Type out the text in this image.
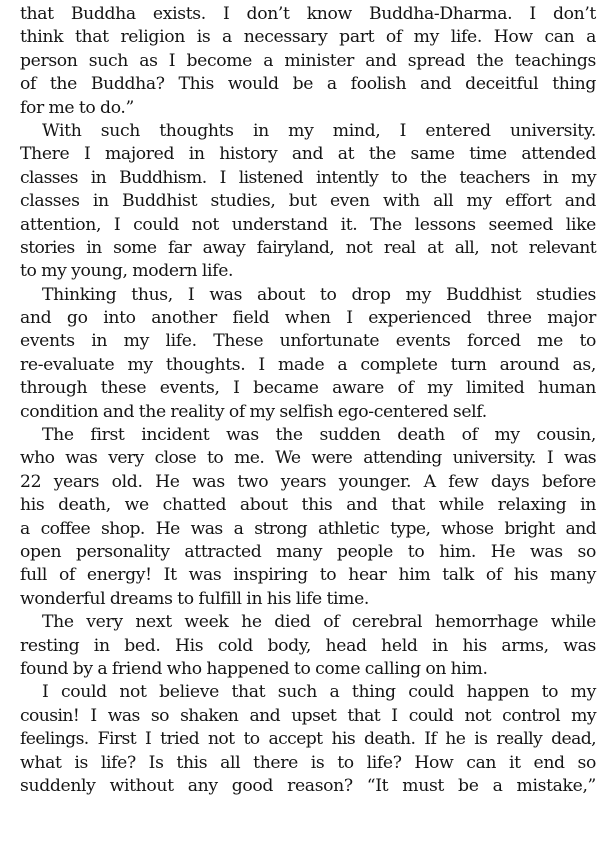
that Buddha exists. I don’t know Buddha-Dharma. I don’t
think that religion is a necessary part of my life. How can a
person such as I become a minister and spread the teachings
of the Buddha? This would be a foolish and deceitful thing
for me to do.”
With such thoughts in my mind, I entered university.
There I majored in history and at the same time attended
classes in Buddhism. I listened intently to the teachers in my
classes in Buddhist studies, but even with all my effort and
attention, I could not understand it. The lessons seemed like
stories in some far away fairyland, not real at all, not relevant
to my young, modern life.
Thinking thus, I was about to drop my Buddhist studies
and go into another field when I experienced three major
events in my life. These unfortunate events forced me to
re-evaluate my thoughts. I made a complete turn around as,
through these events, I became aware of my limited human
condition and the reality of my selfish ego-centered self.
The first incident was the sudden death of my cousin,
who was very close to me. We were attending university. I was
22 years old. He was two years younger. A few days before
his death, we chatted about this and that while relaxing in
a coffee shop. He was a strong athletic type, whose bright and
open personality attracted many people to him. He was so
full of energy! It was inspiring to hear him talk of his many
wonderful dreams to fulfill in his life time.
The very next week he died of cerebral hemorrhage while
resting in bed. His cold body, head held in his arms, was
found by a friend who happened to come calling on him.
I could not believe that such a thing could happen to my
cousin! I was so shaken and upset that I could not control my
feelings. First I tried not to accept his death. If he is really dead,
what is life? Is this all there is to life? How can it end so
suddenly without any good reason? “It must be a mistake,”
